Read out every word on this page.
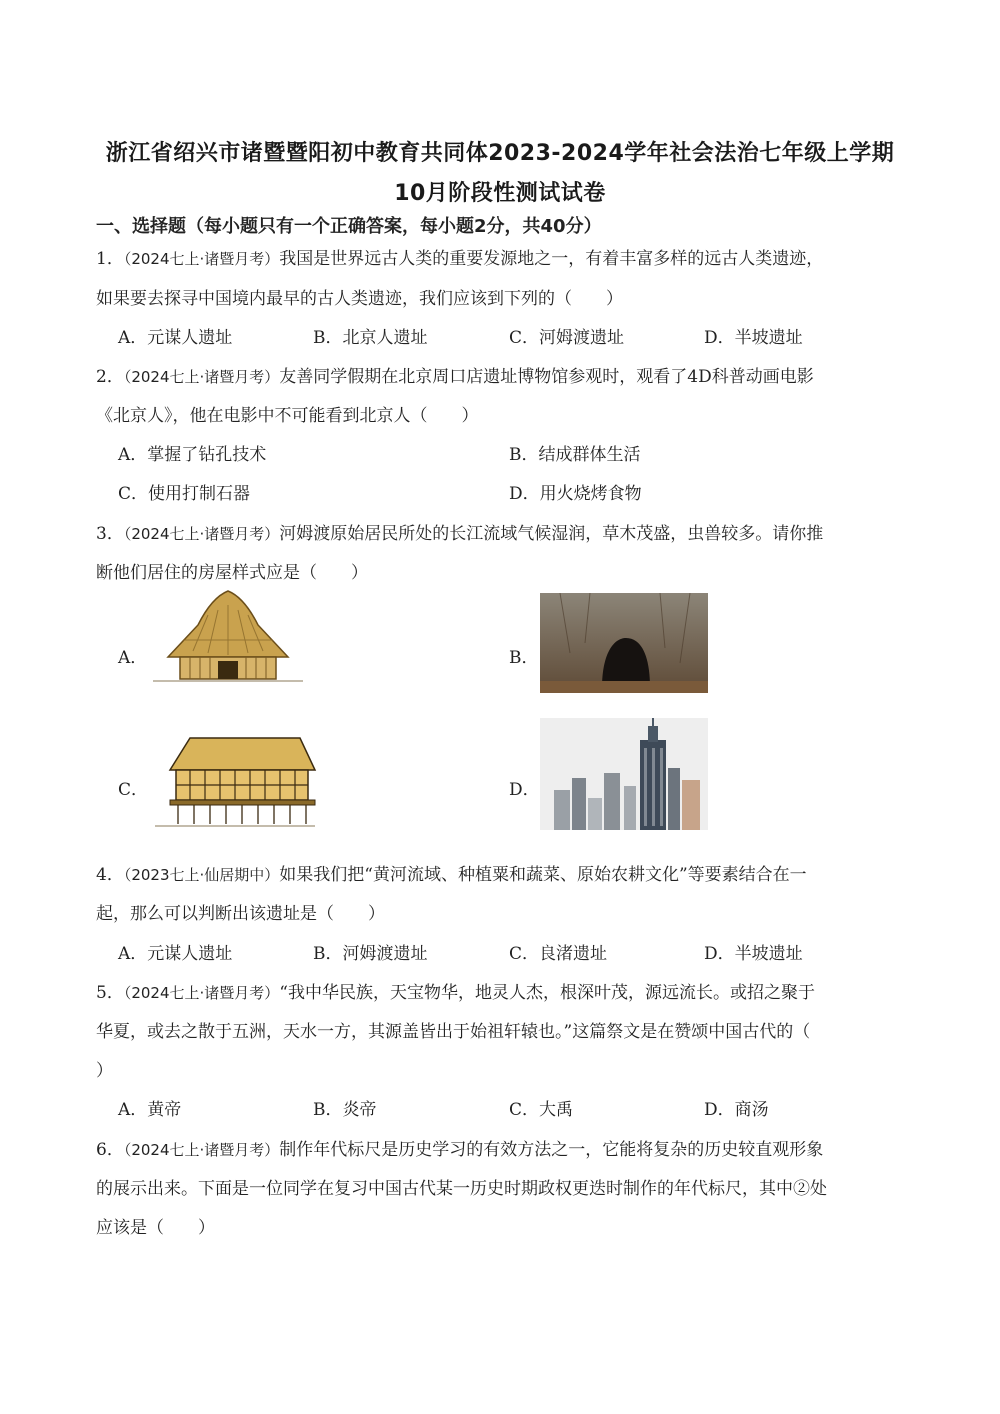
浙江省绍兴市诸暨暨阳初中教育共同体2023-2024学年社会法治七年级上学期
10月阶段性测试试卷
一、选择题（每小题只有一个正确答案，每小题2分，共40分）
1．（2024七上·诸暨月考）我国是世界远古人类的重要发源地之一，有着丰富多样的远古人类遗迹，
如果要去探寻中国境内最早的古人类遗迹，我们应该到下列的（　　）
A．元谋人遗址	B．北京人遗址	C．河姆渡遗址	D．半坡遗址
2．（2024七上·诸暨月考）友善同学假期在北京周口店遗址博物馆参观时，观看了4D科普动画电影
《北京人》，他在电影中不可能看到北京人（　　）
A．掌握了钻孔技术	B．结成群体生活
C．使用打制石器	D．用火烧烤食物
3．（2024七上·诸暨月考）河姆渡原始居民所处的长江流域气候湿润，草木茂盛，虫兽较多。请你推
断他们居住的房屋样式应是（　　）
A．	B．
C．	D．
4．（2023七上·仙居期中）如果我们把“黄河流域、种植粟和蔬菜、原始农耕文化”等要素结合在一
起，那么可以判断出该遗址是（　　）
A．元谋人遗址	B．河姆渡遗址	C．良渚遗址	D．半坡遗址
5．（2024七上·诸暨月考）“我中华民族，天宝物华，地灵人杰，根深叶茂，源远流长。或招之聚于
华夏，或去之散于五洲，天水一方，其源盖皆出于始祖轩辕也。”这篇祭文是在赞颂中国古代的（
）
A．黄帝	B．炎帝	C．大禹	D．商汤
6．（2024七上·诸暨月考）制作年代标尺是历史学习的有效方法之一，它能将复杂的历史较直观形象
的展示出来。下面是一位同学在复习中国古代某一历史时期政权更迭时制作的年代标尺，其中②处
应该是（　　）
